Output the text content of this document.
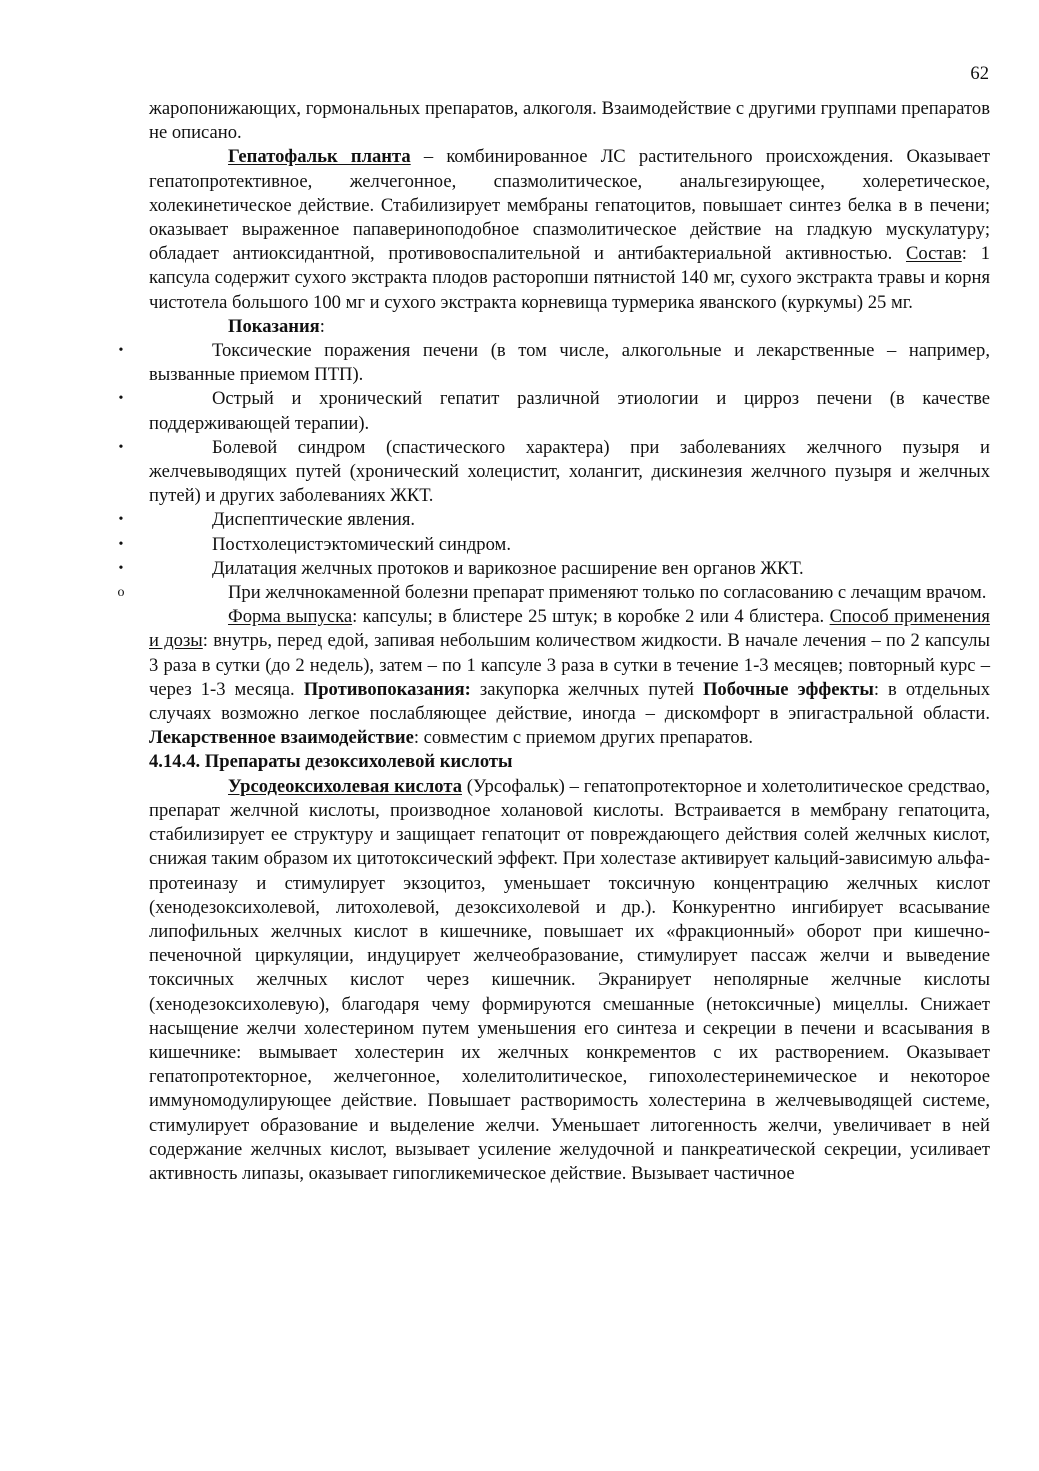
62

жаропонижающих, гормональных препаратов, алкоголя. Взаимодействие с другими группами препаратов не описано.

Гепатофальк планта – комбинированное ЛС растительного происхождения. Оказывает гепатопротективное, желчегонное, спазмолитическое, анальгезирующее, холеретическое, холекинетическое действие. Стабилизирует мембраны гепатоцитов, повышает синтез белка в в печени; оказывает выраженное папавериноподобное спазмолитическое действие на гладкую мускулатуру; обладает антиоксидантной, противовоспалительной и антибактериальной активностью. Состав: 1 капсула содержит сухого экстракта плодов расторопши пятнистой 140 мг, сухого экстракта травы и корня чистотела большого 100 мг и сухого экстракта корневища турмерика яванского (куркумы) 25 мг.

Показания:

•	Токсические поражения печени (в том числе, алкогольные и лекарственные – например, вызванные приемом ПТП).
•	Острый и хронический гепатит различной этиологии и цирроз печени (в качестве поддерживающей терапии).
•	Болевой синдром (спастического характера) при заболеваниях желчного пузыря и желчевыводящих путей (хронический холецистит, холангит, дискинезия желчного пузыря и желчных путей) и других заболеваниях ЖКТ.
•	Диспептические явления.
•	Постхолецистэктомический синдром.
•	Дилатация желчных протоков и варикозное расширение вен органов ЖКТ.
o	При желчнокаменной болезни препарат применяют только по согласованию с лечащим врачом.

Форма выпуска: капсулы; в блистере 25 штук; в коробке 2 или 4 блистера. Способ применения и дозы: внутрь, перед едой, запивая небольшим количеством жидкости. В начале лечения – по 2 капсулы 3 раза в сутки (до 2 недель), затем – по 1 капсуле 3 раза в сутки в течение 1-3 месяцев; повторный курс – через 1-3 месяца. Противопоказания: закупорка желчных путей Побочные эффекты: в отдельных случаях возможно легкое послабляющее действие, иногда – дискомфорт в эпигастральной области. Лекарственное взаимодействие: совместим с приемом других препаратов.

4.14.4. Препараты дезоксихолевой кислоты

Урсодеоксихолевая кислота (Урсофальк) – гепатопротекторное и холетолитическое средствао, препарат желчной кислоты, производное холановой кислоты. Встраивается в мембрану гепатоцита, стабилизирует ее структуру и защищает гепатоцит от повреждающего действия солей желчных кислот, снижая таким образом их цитотоксический эффект. При холестазе активирует кальций-зависимую альфа-протеиназу и стимулирует экзоцитоз, уменьшает токсичную концентрацию желчных кислот (хенодезоксихолевой, литохолевой, дезоксихолевой и др.). Конкурентно ингибирует всасывание липофильных желчных кислот в кишечнике, повышает их «фракционный» оборот при кишечно-печеночной циркуляции, индуцирует желчеобразование, стимулирует пассаж желчи и выведение токсичных желчных кислот через кишечник. Экранирует неполярные желчные кислоты (хенодезоксихолевую), благодаря чему формируются смешанные (нетоксичные) мицеллы. Снижает насыщение желчи холестерином путем уменьшения его синтеза и секреции в печени и всасывания в кишечнике: вымывает холестерин их желчных конкрементов с их растворением. Оказывает гепатопротекторное, желчегонное, холелитолитическое, гипохолестеринемическое и некоторое иммуномодулирующее действие. Повышает растворимость холестерина в желчевыводящей системе, стимулирует образование и выделение желчи. Уменьшает литогенность желчи, увеличивает в ней содержание желчных кислот, вызывает усиление желудочной и панкреатической секреции, усиливает активность липазы, оказывает гипогликемическое действие. Вызывает частичное
